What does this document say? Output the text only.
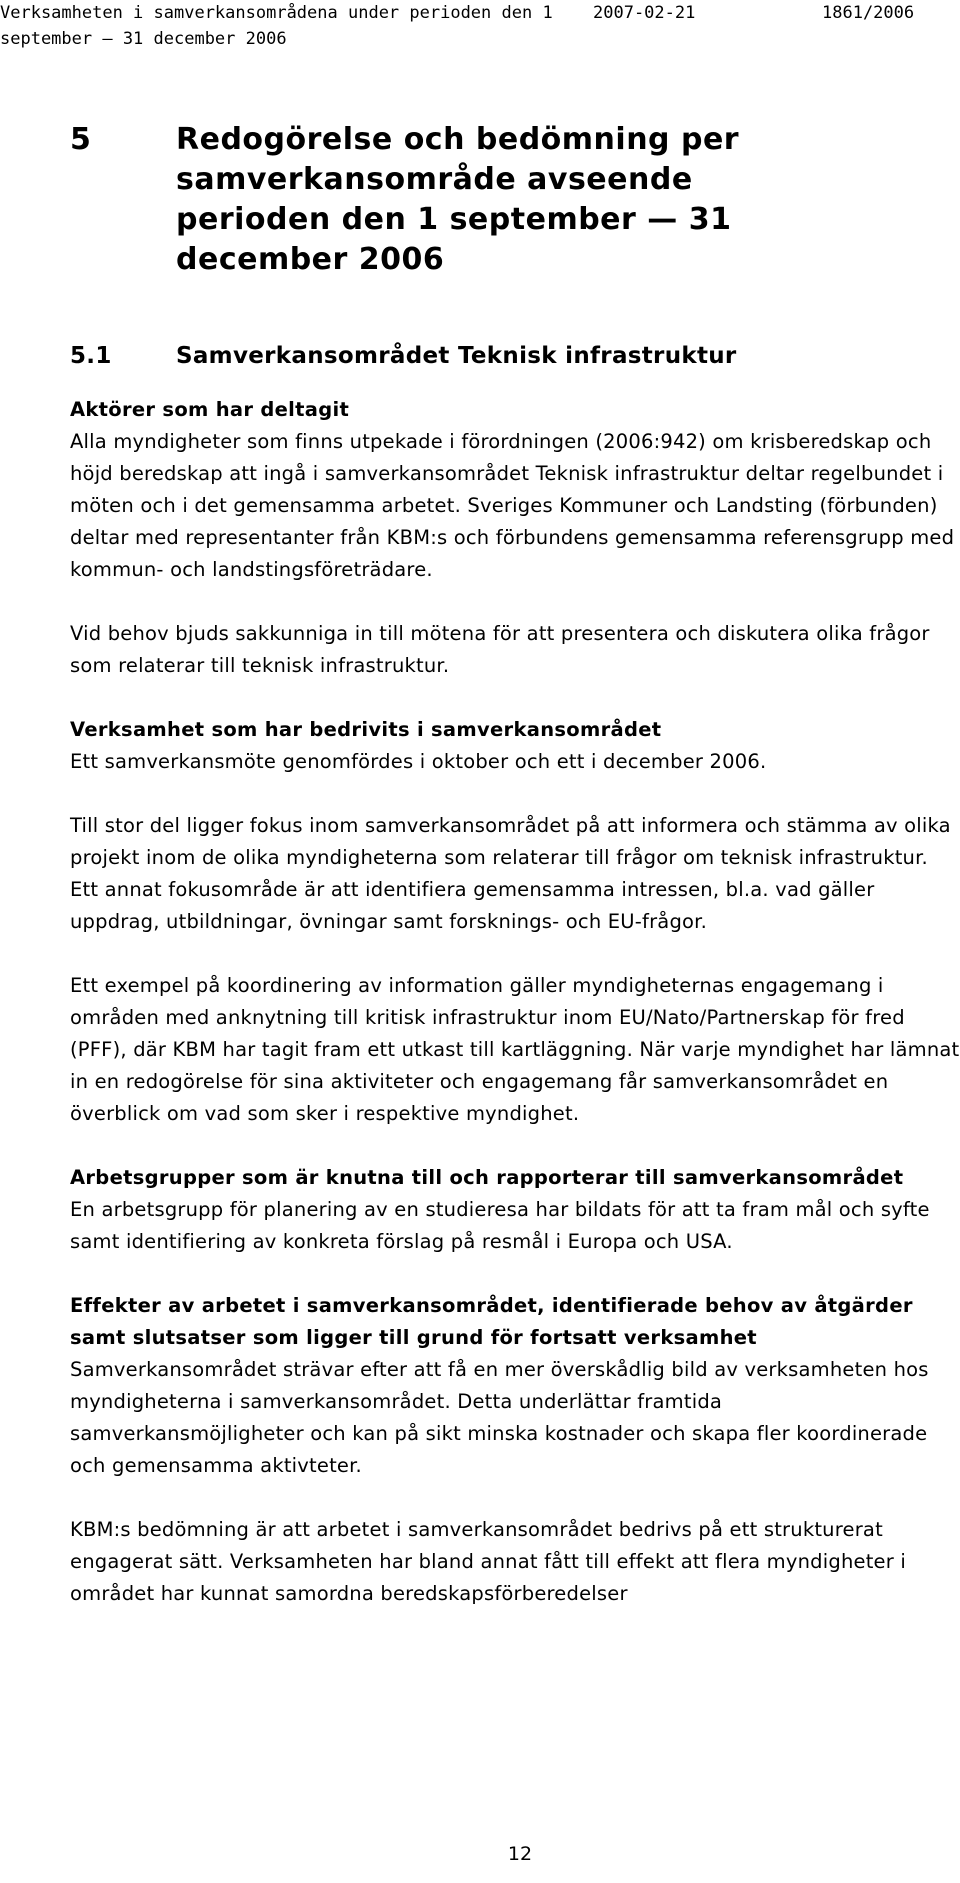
Verksamheten i samverkansområdena under perioden den 1 2007-02-21	1861/2006
september — 31 december 2006
5	Redogörelse och bedömning per samverkansområde avseende perioden den 1 september — 31 december 2006
5.1	Samverkansområdet Teknisk infrastruktur

Aktörer som har deltagit

Alla myndigheter som finns utpekade i förordningen (2006:942) om krisberedskap och höjd beredskap att ingå i samverkansområdet Teknisk infrastruktur deltar regelbundet i möten och i det gemensamma arbetet. Sveriges Kommuner och Landsting (förbunden) deltar med representanter från KBM:s och förbundens gemensamma referensgrupp med kommun- och landstingsföreträdare.

Vid behov bjuds sakkunniga in till mötena för att presentera och diskutera olika frågor som relaterar till teknisk infrastruktur.

Verksamhet som har bedrivits i samverkansområdet

Ett samverkansmöte genomfördes i oktober och ett i december 2006.

Till stor del ligger fokus inom samverkansområdet på att informera och stämma av olika projekt inom de olika myndigheterna som relaterar till frågor om teknisk infrastruktur. Ett annat fokusområde är att identifiera gemensamma intressen, bl.a. vad gäller uppdrag, utbildningar, övningar samt forsknings- och EU-frågor.

Ett exempel på koordinering av information gäller myndigheternas engagemang i områden med anknytning till kritisk infrastruktur inom EU/Nato/Partnerskap för fred (PFF), där KBM har tagit fram ett utkast till kartläggning. När varje myndighet har lämnat in en redogörelse för sina aktiviteter och engagemang får samverkansområdet en överblick om vad som sker i respektive myndighet.

Arbetsgrupper som är knutna till och rapporterar till samverkansområdet

En arbetsgrupp för planering av en studieresa har bildats för att ta fram mål och syfte samt identifiering av konkreta förslag på resmål i Europa och USA.

Effekter av arbetet i samverkansområdet, identifierade behov av åtgärder samt slutsatser som ligger till grund för fortsatt verksamhet

Samverkansområdet strävar efter att få en mer överskådlig bild av verksamheten hos myndigheterna i samverkansområdet. Detta underlättar framtida samverkansmöjligheter och kan på sikt minska kostnader och skapa fler koordinerade och gemensamma aktivteter.

KBM:s bedömning är att arbetet i samverkansområdet bedrivs på ett strukturerat engagerat sätt. Verksamheten har bland annat fått till effekt att flera myndigheter i området har kunnat samordna beredskapsförberedelser

12
